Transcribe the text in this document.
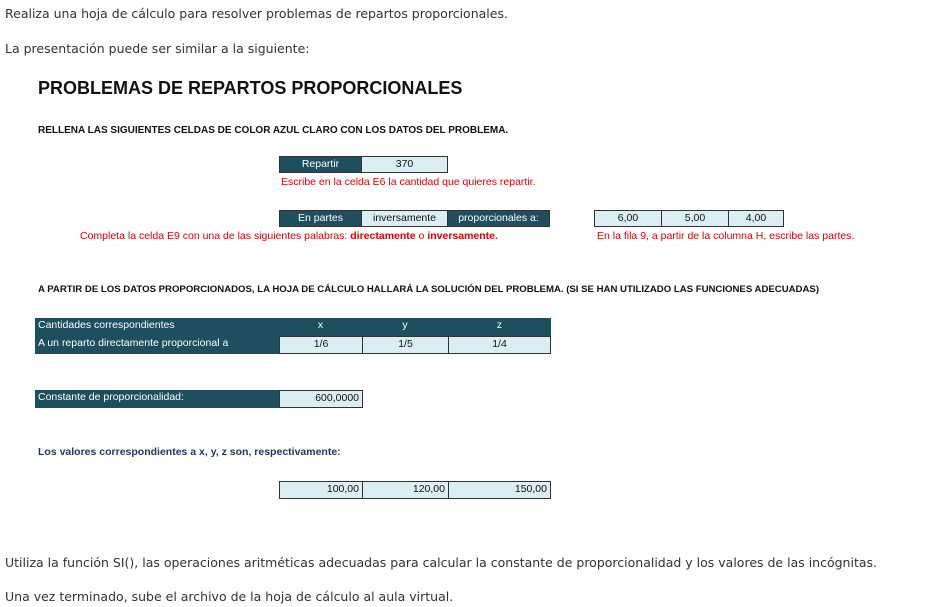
Realiza una hoja de cálculo para resolver problemas de repartos proporcionales.
La presentación puede ser similar a la siguiente:
PROBLEMAS DE REPARTOS PROPORCIONALES
RELLENA LAS SIGUIENTES CELDAS DE COLOR AZUL CLARO CON LOS DATOS DEL PROBLEMA.
Repartir	370
Escribe en la celda E6 la cantidad que quieres repartir.
En partes	inversamente	proporcionales a:	6,00	5,00	4,00
Completa la celda E9 con una de las siguientes palabras: directamente o inversamente.	En la fila 9, a partir de la columna H, escribe las partes.
A PARTIR DE LOS DATOS PROPORCIONADOS, LA HOJA DE CÁLCULO HALLARÁ LA SOLUCIÓN DEL PROBLEMA. (SI SE HAN UTILIZADO LAS FUNCIONES ADECUADAS)
Cantidades correspondientes	x	y	z
A un reparto directamente proporcional a	1/6	1/5	1/4
Constante de proporcionalidad:	600,0000
Los valores correspondientes a x, y, z son, respectivamente:
100,00	120,00	150,00
Utiliza la función SI(), las operaciones aritméticas adecuadas para calcular la constante de proporcionalidad y los valores de las incógnitas.
Una vez terminado, sube el archivo de la hoja de cálculo al aula virtual.
